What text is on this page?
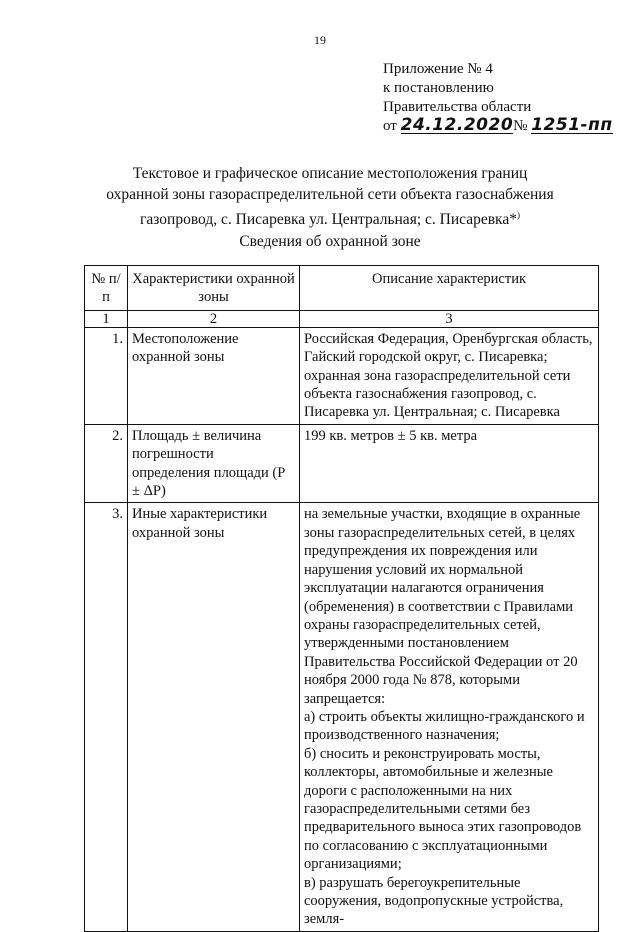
19
Приложение № 4
к постановлению
Правительства области
от 24.12.2020№ 1251-пп
Текстовое и графическое описание местоположения границ
охранной зоны газораспределительной сети объекта газоснабжения
газопровод, с. Писаревка ул. Центральная; с. Писаревка*)
Сведения об охранной зоне
№ п/п	Характеристики охранной зоны	Описание характеристик
1	2	3
1.	Местоположение охранной зоны	Российская Федерация, Оренбургская область, Гайский городской округ, с. Писаревка; охранная зона газораспределительной сети объекта газоснабжения газопровод, с. Писаревка ул. Центральная; с. Писаревка
2.	Площадь ± величина погрешности определения площади (P ± ΔP)	199 кв. метров ± 5 кв. метра
3.	Иные характеристики охранной зоны	на земельные участки, входящие в охранные зоны газораспределительных сетей, в целях предупреждения их повреждения или нарушения условий их нормальной эксплуатации налагаются ограничения (обременения) в соответствии с Правилами охраны газораспределительных сетей, утвержденными постановлением Правительства Российской Федерации от 20 ноября 2000 года № 878, которыми запрещается:
а) строить объекты жилищно-гражданского и производственного назначения;
б) сносить и реконструировать мосты, коллекторы, автомобильные и железные дороги с расположенными на них газораспределительными сетями без предварительного выноса этих газопроводов по согласованию с эксплуатационными организациями;
в) разрушать берегоукрепительные сооружения, водопропускные устройства, земля-
